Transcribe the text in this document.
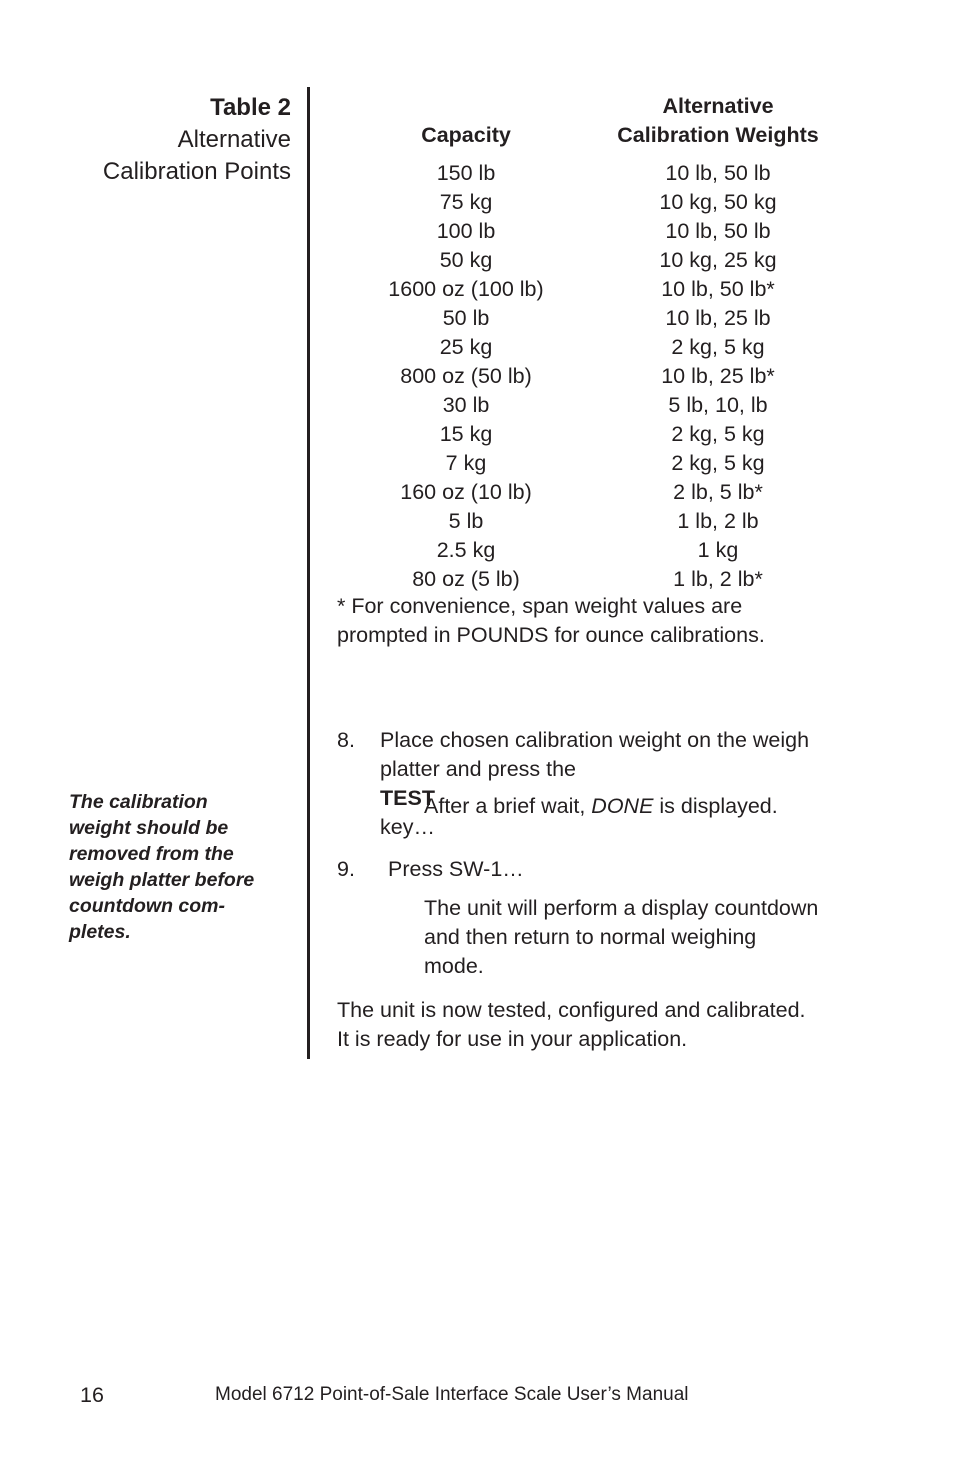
Table 2
Alternative
Calibration Points
The calibration
weight should be
removed from the
weigh platter before
countdown com-
pletes.
Capacity
Alternative
Calibration Weights
150 lb	10 lb, 50 lb
75 kg	10 kg, 50 kg
100 lb	10 lb, 50 lb
50 kg	10 kg, 25 kg
1600 oz (100 lb)	10 lb, 50 lb*
50 lb	10 lb, 25 lb
25 kg	2 kg, 5 kg
800 oz (50 lb)	10 lb, 25 lb*
30 lb	5 lb, 10, lb
15 kg	2 kg, 5 kg
7 kg	2 kg, 5 kg
160 oz (10 lb)	2 lb, 5 lb*
5 lb	1 lb, 2 lb
2.5 kg	1 kg
80 oz (5 lb)	1 lb, 2 lb*
* For convenience, span weight values are
prompted in POUNDS for ounce calibrations.
8. Place chosen calibration weight on the weigh
platter and press the
TEST
key…
After a brief wait, DONE is displayed.
9. Press SW-1…
The unit will perform a display countdown
and then return to normal weighing
mode.
The unit is now tested, configured and calibrated.
It is ready for use in your application.
16	Model 6712 Point-of-Sale Interface Scale User’s Manual
